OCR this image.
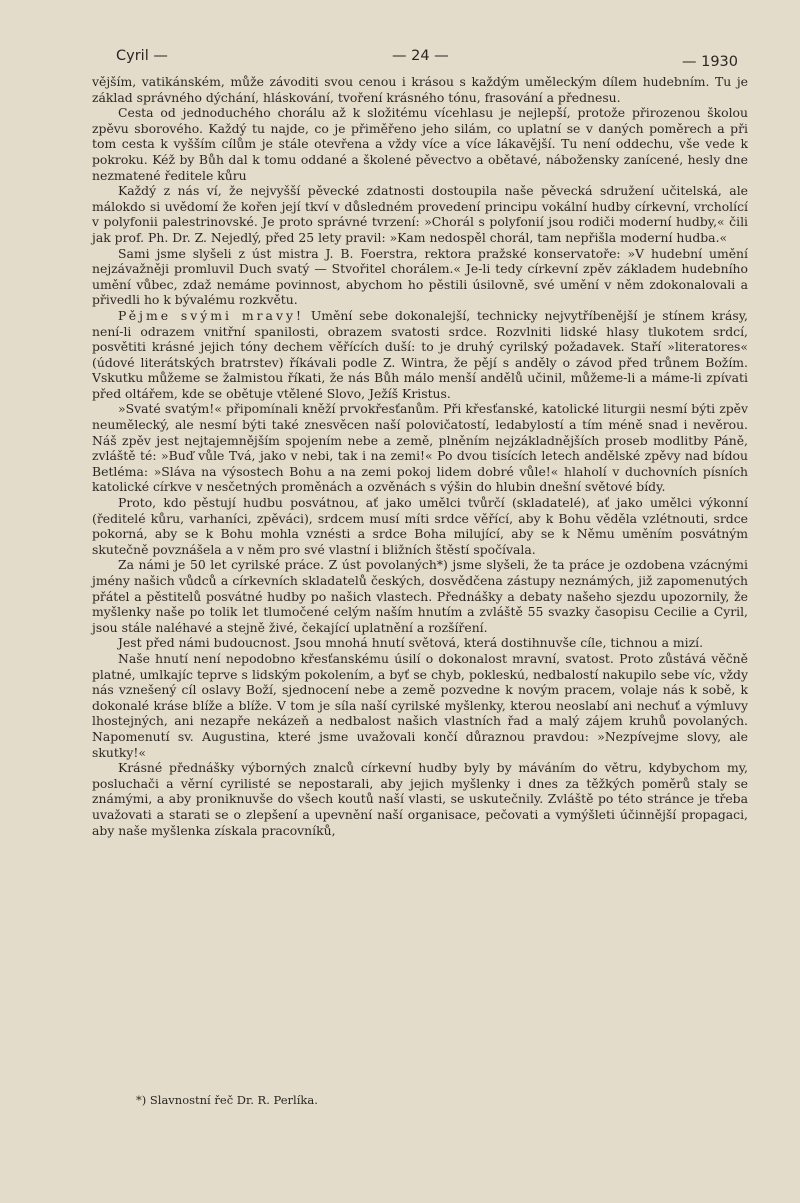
Cyril —	— 24 —	— 1930

vějším, vatikánském, může závoditi svou cenou i krásou s každým uměleckým dílem hudebním. Tu je základ správného dýchání, hláskování, tvoření krásného tónu, frasování a přednesu.

Cesta od jednoduchého chorálu až k složitému vícehlasu je nejlepší, protože přirozenou školou zpěvu sborového. Každý tu najde, co je přiměřeno jeho silám, co uplatní se v daných poměrech a při tom cesta k vyšším cílům je stále otevřena a vždy více a více lákavější. Tu není oddechu, vše vede k pokroku. Kéž by Bůh dal k tomu oddané a školené pěvectvo a obětavé, nábožensky zanícené, hesly dne nezmatené ředitele kůru

Každý z nás ví, že nejvyšší pěvecké zdatnosti dostoupila naše pěvecká sdružení učitelská, ale málokdo si uvědomí že kořen její tkví v důsledném provedení principu vokální hudby církevní, vrcholící v polyfonii palestrinovské. Je proto správné tvrzení: »Chorál s polyfonií jsou rodiči moderní hudby,« čili jak prof. Ph. Dr. Z. Nejedlý, před 25 lety pravil: »Kam nedospěl chorál, tam nepřišla moderní hudba.«

Sami jsme slyšeli z úst mistra J. B. Foerstra, rektora pražské konservatoře: »V hudební umění nejzávažněji promluvil Duch svatý — Stvořitel chorálem.« Je-li tedy církevní zpěv základem hudebního umění vůbec, zdaž nemáme povinnost, abychom ho pěstili úsilovně, své umění v něm zdokonalovali a přivedli ho k bývalému rozkvětu.

Pějme svými mravy! Umění sebe dokonalejší, technicky nejvytříbenější je stínem krásy, není-li odrazem vnitřní spanilosti, obrazem svatosti srdce. Rozvlniti lidské hlasy tlukotem srdcí, posvětiti krásné jejich tóny dechem věřících duší: to je druhý cyrilský požadavek. Staří »literatores« (údové literátských bratrstev) říkávali podle Z. Wintra, že pějí s anděly o závod před trůnem Božím. Vskutku můžeme se žalmistou říkati, že nás Bůh málo menší andělů učinil, můžeme-li a máme-li zpívati před oltářem, kde se obětuje vtělené Slovo, Ježíš Kristus.

»Svaté svatým!« připomínali kněží prvokřesťanům. Při křesťanské, katolické liturgii nesmí býti zpěv neumělecký, ale nesmí býti také znesvěcen naší polovičatostí, ledabylostí a tím méně snad i nevěrou. Náš zpěv jest nejtajemnějším spojením nebe a země, plněním nejzákladnějších proseb modlitby Páně, zvláště té: »Buď vůle Tvá, jako v nebi, tak i na zemi!« Po dvou tisících letech andělské zpěvy nad bídou Betléma: »Sláva na výsostech Bohu a na zemi pokoj lidem dobré vůle!« hlaholí v duchovních písních katolické církve v nesčetných proměnách a ozvěnách s výšin do hlubin dnešní světové bídy.

Proto, kdo pěstují hudbu posvátnou, ať jako umělci tvůrčí (skladatelé), ať jako umělci výkonní (ředitelé kůru, varhaníci, zpěváci), srdcem musí míti srdce věřící, aby k Bohu věděla vzlétnouti, srdce pokorná, aby se k Bohu mohla vznésti a srdce Boha milující, aby se k Němu uměním posvátným skutečně povznášela a v něm pro své vlastní i bližních štěstí spočívala.

Za námi je 50 let cyrilské práce. Z úst povolaných*) jsme slyšeli, že ta práce je ozdobena vzácnými jmény našich vůdců a církevních skladatelů českých, dosvědčena zástupy neznámých, již zapomenutých přátel a pěstitelů posvátné hudby po našich vlastech. Přednášky a debaty našeho sjezdu upozornily, že myšlenky naše po tolik let tlumočené celým naším hnutím a zvláště 55 svazky časopisu Cecilie a Cyril, jsou stále naléhavé a stejně živé, čekající uplatnění a rozšíření.

Jest před námi budoucnost. Jsou mnohá hnutí světová, která dostihnuvše cíle, tichnou a mizí.

Naše hnutí není nepodobno křesťanskému úsilí o dokonalost mravní, svatost. Proto zůstává věčně platné, umlkajíc teprve s lidským pokolením, a byť se chyb, pokleskú, nedbalostí nakupilo sebe víc, vždy nás vznešený cíl oslavy Boží, sjednocení nebe a země pozvedne k novým pracem, volaje nás k sobě, k dokonalé kráse blíže a blíže. V tom je síla naší cyrilské myšlenky, kterou neoslabí ani nechuť a výmluvy lhostejných, ani nezapře nekázeň a nedbalost našich vlastních řad a malý zájem kruhů povolaných. Napomenutí sv. Augustina, které jsme uvažovali končí důraznou pravdou: »Nezpívejme slovy, ale skutky!«

Krásné přednášky výborných znalců církevní hudby byly by máváním do větru, kdybychom my, posluchači a věrní cyrilisté se nepostarali, aby jejich myšlenky i dnes za těžkých poměrů staly se známými, a aby proniknuvše do všech koutů naší vlasti, se uskutečnily. Zvláště po této stránce je třeba uvažovati a starati se o zlepšení a upevnění naší organisace, pečovati a vymýšleti účinnější propagaci, aby naše myšlenka získala pracovníků,

*) Slavnostní řeč Dr. R. Perlíka.
